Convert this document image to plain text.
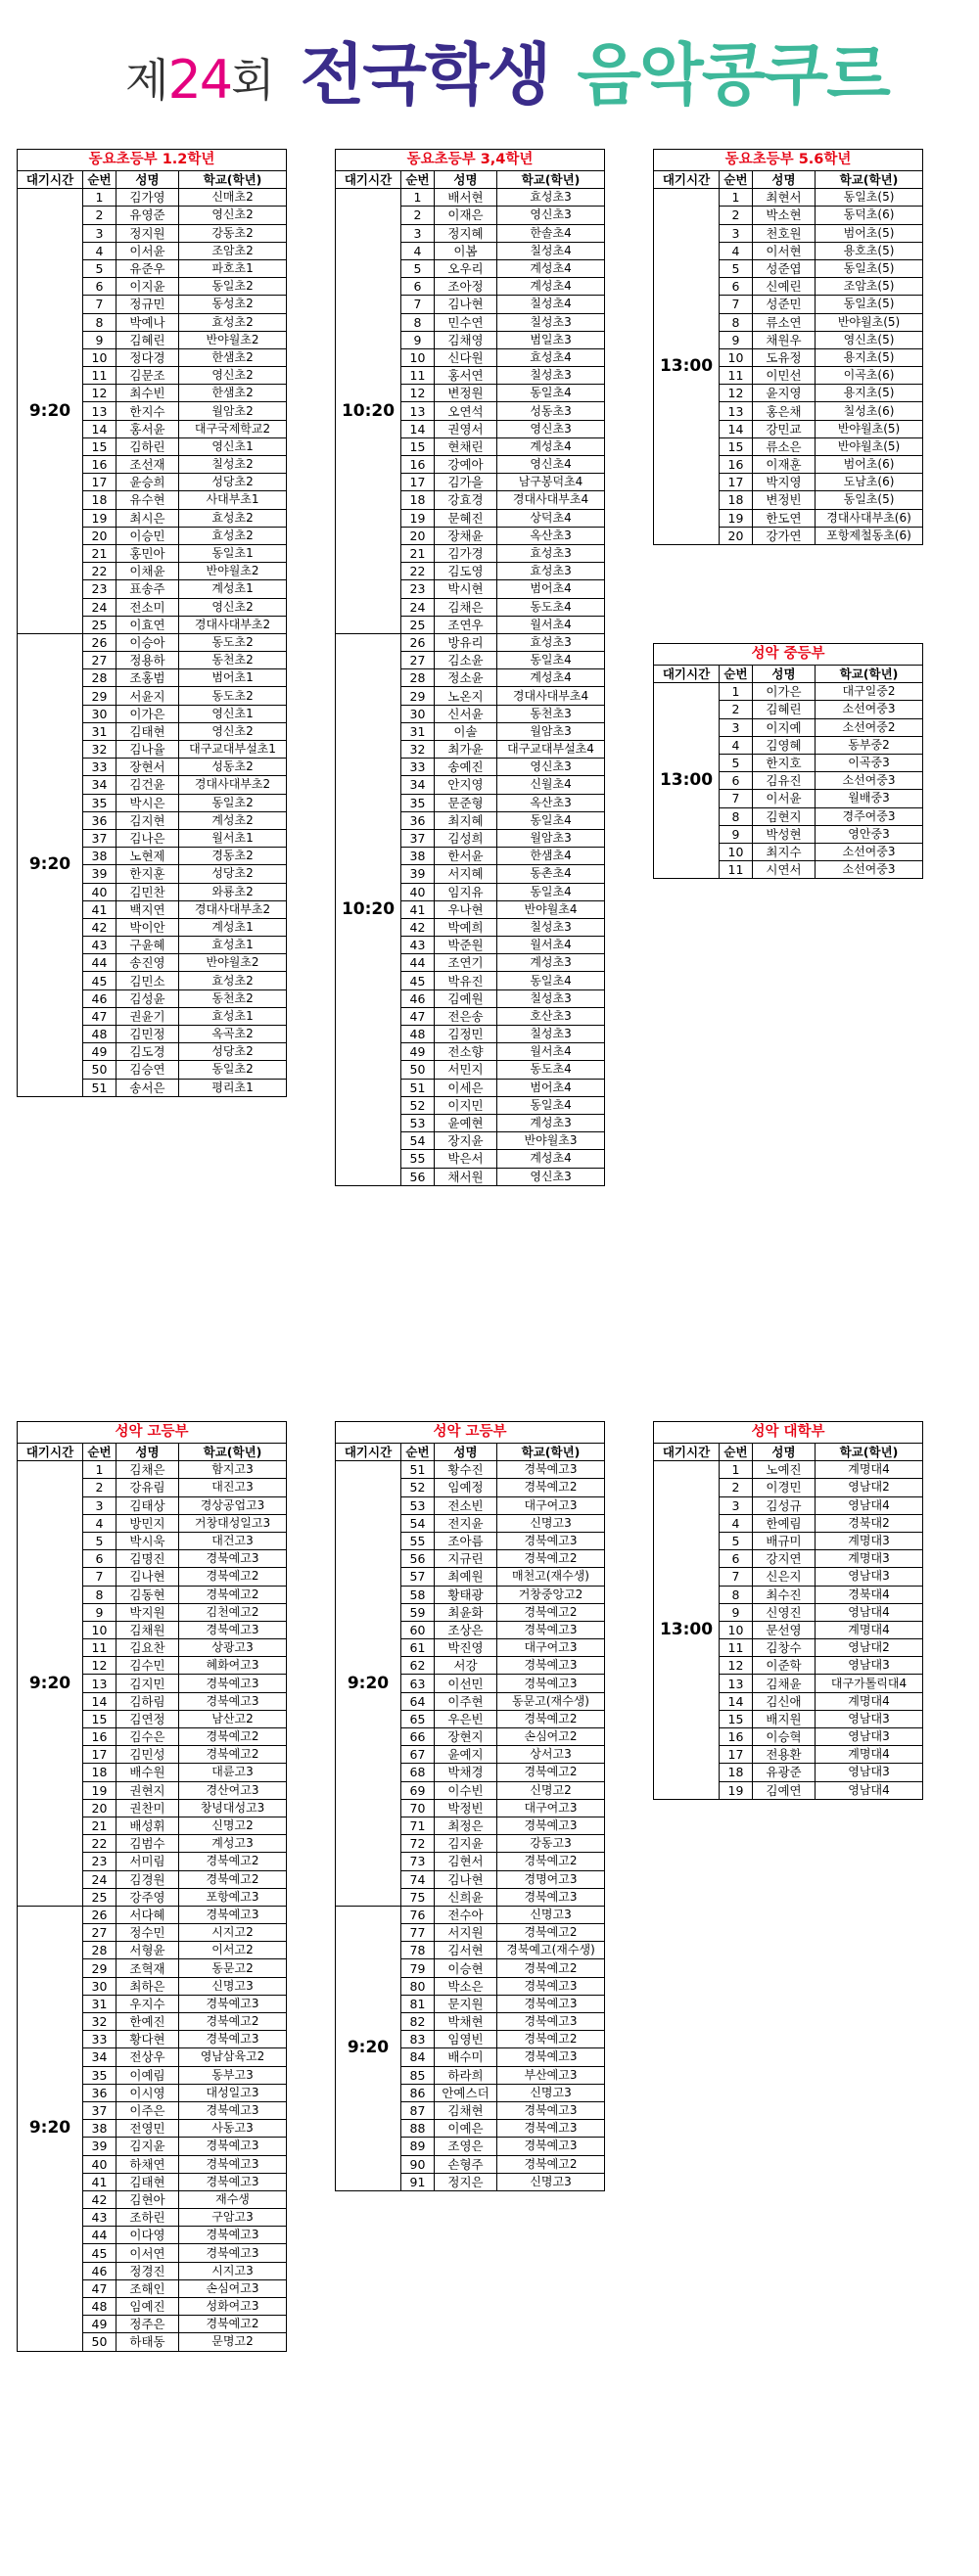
제 24 회 전국학생 음악콩쿠르
동요초등부 1.2학년			
대기시간	순번	성명	학교(학년)
9:20	1	김가영	신매초2
	2	유영준	영신초2
	3	정지원	강동초2
	4	이서윤	조암초2
	5	유준우	파호초1
	6	이지윤	동일초2
	7	정규민	동성초2
	8	박예나	효성초2
	9	김혜린	반야월초2
	10	정다경	한샘초2
	11	김문조	영신초2
	12	최수빈	한샘초2
	13	한지수	월암초2
	14	홍서윤	대구국제학교2
	15	김하린	영신초1
	16	조선재	칠성초2
	17	윤승희	성당초2
	18	유수현	사대부초1
	19	최시은	효성초2
	20	이승민	효성초2
	21	홍민아	동일초1
	22	이채윤	반야월초2
	23	표송주	계성초1
	24	전소미	영신초2
	25	이효연	경대사대부초2
9:20	26	이승아	동도초2
	27	정용하	동천초2
	28	조홍범	범어초1
	29	서윤지	동도초2
	30	이가은	영신초1
	31	김태현	영신초2
	32	김나율	대구교대부설초1
	33	장현서	성동초2
	34	김건윤	경대사대부초2
	35	박시은	동일초2
	36	김지현	계성초2
	37	김나은	월서초1
	38	노현제	경동초2
	39	한지훈	성당초2
	40	김민찬	와룡초2
	41	백지연	경대사대부초2
	42	박이안	계성초1
	43	구윤혜	효성초1
	44	송진영	반야월초2
	45	김민소	효성초2
	46	김성윤	동천초2
	47	권윤기	효성초1
	48	김민정	옥곡초2
	49	김도경	성당초2
	50	김승연	동일초2
	51	송서은	평리초1
동요초등부 3,4학년			
대기시간	순번	성명	학교(학년)
10:20	1	배서현	효성초3
	2	이재은	영신초3
	3	정지혜	한솔초4
	4	이봄	칠성초4
	5	오우리	계성초4
	6	조아정	계성초4
	7	김나현	칠성초4
	8	민수연	칠성초3
	9	김채영	범일초3
	10	신다원	효성초4
	11	홍서연	칠성초3
	12	변정원	동일초4
	13	오연석	성동초3
	14	권영서	영신초3
	15	현채린	계성초4
	16	강예아	영신초4
	17	김가을	남구봉덕초4
	18	강효경	경대사대부초4
	19	문혜진	상덕초4
	20	장채윤	옥산초3
	21	김가경	효성초3
	22	김도영	효성초3
	23	박시현	범어초4
	24	김채은	동도초4
	25	조연우	월서초4
10:20	26	방유리	효성초3
	27	김소윤	동일초4
	28	정소윤	계성초4
	29	노온지	경대사대부초4
	30	신서윤	동천초3
	31	이솔	월암초3
	32	최가윤	대구교대부설초4
	33	송예진	영신초3
	34	안지영	신월초4
	35	문준형	옥산초3
	36	최지혜	동일초4
	37	김성희	월암초3
	38	한서윤	한샘초4
	39	서지혜	동촌초4
	40	임지유	동일초4
	41	우나현	반야월초4
	42	박예희	칠성초3
	43	박준원	월서초4
	44	조연기	계성초3
	45	박유진	동일초4
	46	김예원	칠성초3
	47	전은송	호산초3
	48	김정민	칠성초3
	49	전소향	월서초4
	50	서민지	동도초4
	51	이세은	범어초4
	52	이지민	동일초4
	53	윤예현	계성초3
	54	장지윤	반야월초3
	55	박은서	계성초4
	56	채서원	영신초3
동요초등부 5.6학년			
대기시간	순번	성명	학교(학년)
13:00	1	최현서	동일초(5)
	2	박소현	동덕초(6)
	3	천호원	범어초(5)
	4	이서현	용호초(5)
	5	성준엽	동일초(5)
	6	신예린	조암초(5)
	7	성준민	동일초(5)
	8	류소연	반야월초(5)
	9	채원우	영신초(5)
	10	도유정	용지초(5)
	11	이민선	이곡초(6)
	12	윤지영	용지초(5)
	13	홍은채	칠성초(6)
	14	강민교	반야월초(5)
	15	류소은	반야월초(5)
	16	이재훈	범어초(6)
	17	박지영	도남초(6)
	18	변정빈	동일초(5)
	19	한도연	경대사대부초(6)
	20	강가연	포항제철동초(6)
성악 중등부			
대기시간	순번	성명	학교(학년)
13:00	1	이가은	대구일중2
	2	김혜린	소선여중3
	3	이지예	소선여중2
	4	김영혜	동부중2
	5	한지호	이곡중3
	6	김유진	소선여중3
	7	이서윤	월배중3
	8	김현지	경주여중3
	9	박성현	영안중3
	10	최지수	소선여중3
	11	시연서	소선여중3
성악 고등부			
대기시간	순번	성명	학교(학년)
9:20	1	김채은	함지고3
	2	강유림	대진고3
	3	김태상	경상공업고3
	4	방민지	거창대성일고3
	5	박시욱	대건고3
	6	김명진	경북예고3
	7	김나현	경북예고2
	8	김동현	경북예고2
	9	박지원	김천예고2
	10	김채원	경북예고3
	11	김요찬	상광고3
	12	김수민	혜화여고3
	13	김지민	경북예고3
	14	김하림	경북예고3
	15	김연정	남산고2
	16	김수은	경북예고2
	17	김민성	경북예고2
	18	배수원	대륜고3
	19	권현지	경산여고3
	20	권찬미	창녕대성고3
	21	배성휘	신명고2
	22	김범수	계성고3
	23	서미림	경북예고2
	24	김경원	경북예고2
	25	강주영	포항예고3
9:20	26	서다혜	경북예고3
	27	정수민	시지고2
	28	서형윤	이서고2
	29	조혁재	동문고2
	30	최하은	신명고3
	31	우지수	경북예고3
	32	한예진	경북예고2
	33	황다현	경북예고3
	34	전상우	영남삼육고2
	35	이예림	동부고3
	36	이시영	대성일고3
	37	이주은	경북예고3
	38	전영민	사동고3
	39	김지윤	경북예고3
	40	하채연	경북예고3
	41	김태현	경북예고3
	42	김현아	재수생
	43	조하린	구암고3
	44	이다영	경북예고3
	45	이서연	경북예고3
	46	정경진	시지고3
	47	조해인	손심여고3
	48	임예진	성화여고3
	49	정주은	경북예고2
	50	하태동	문명고2
성악 고등부			
대기시간	순번	성명	학교(학년)
9:20	51	황수진	경북예고3
	52	임예정	경북예고2
	53	전소빈	대구여고3
	54	전지윤	신명고3
	55	조아름	경북예고3
	56	지규린	경북예고2
	57	최예원	매천고(재수생)
	58	황태광	거창중앙고2
	59	최윤화	경북예고2
	60	조상은	경북예고3
	61	박진영	대구여고3
	62	서강	경북예고3
	63	이선민	경북예고3
	64	이주현	동문고(재수생)
	65	우은빈	경북예고2
	66	장현지	손심여고2
	67	윤예지	상서고3
	68	박채경	경북예고2
	69	이수빈	신명고2
	70	박정빈	대구여고3
	71	최정은	경북예고3
	72	김지윤	강동고3
	73	김현서	경북예고2
	74	김나현	경명여고3
	75	신희윤	경북예고3
9:20	76	전수아	신명고3
	77	서지원	경북예고2
	78	김서현	경북예고(재수생)
	79	이승현	경북예고2
	80	박소은	경북예고3
	81	문지원	경북예고3
	82	박채현	경북예고3
	83	임영빈	경북예고2
	84	배수미	경북예고3
	85	하라희	부산예고3
	86	안예스더	신명고3
	87	김채현	경북예고3
	88	이예은	경북예고3
	89	조영은	경북예고3
	90	손형주	경북예고2
	91	정지은	신명고3
성악 대학부			
대기시간	순번	성명	학교(학년)
13:00	1	노예진	계명대4
	2	이경민	영남대2
	3	김성규	영남대4
	4	한예림	경북대2
	5	배규미	계명대3
	6	강지연	계명대3
	7	신은지	영남대3
	8	최수진	경북대4
	9	신영진	영남대4
	10	문선영	계명대4
	11	김창수	영남대2
	12	이준학	영남대3
	13	김채윤	대구가톨릭대4
	14	김신애	계명대4
	15	배지원	영남대3
	16	이승혁	영남대3
	17	전용환	계명대4
	18	유광준	영남대3
	19	김예연	영남대4
